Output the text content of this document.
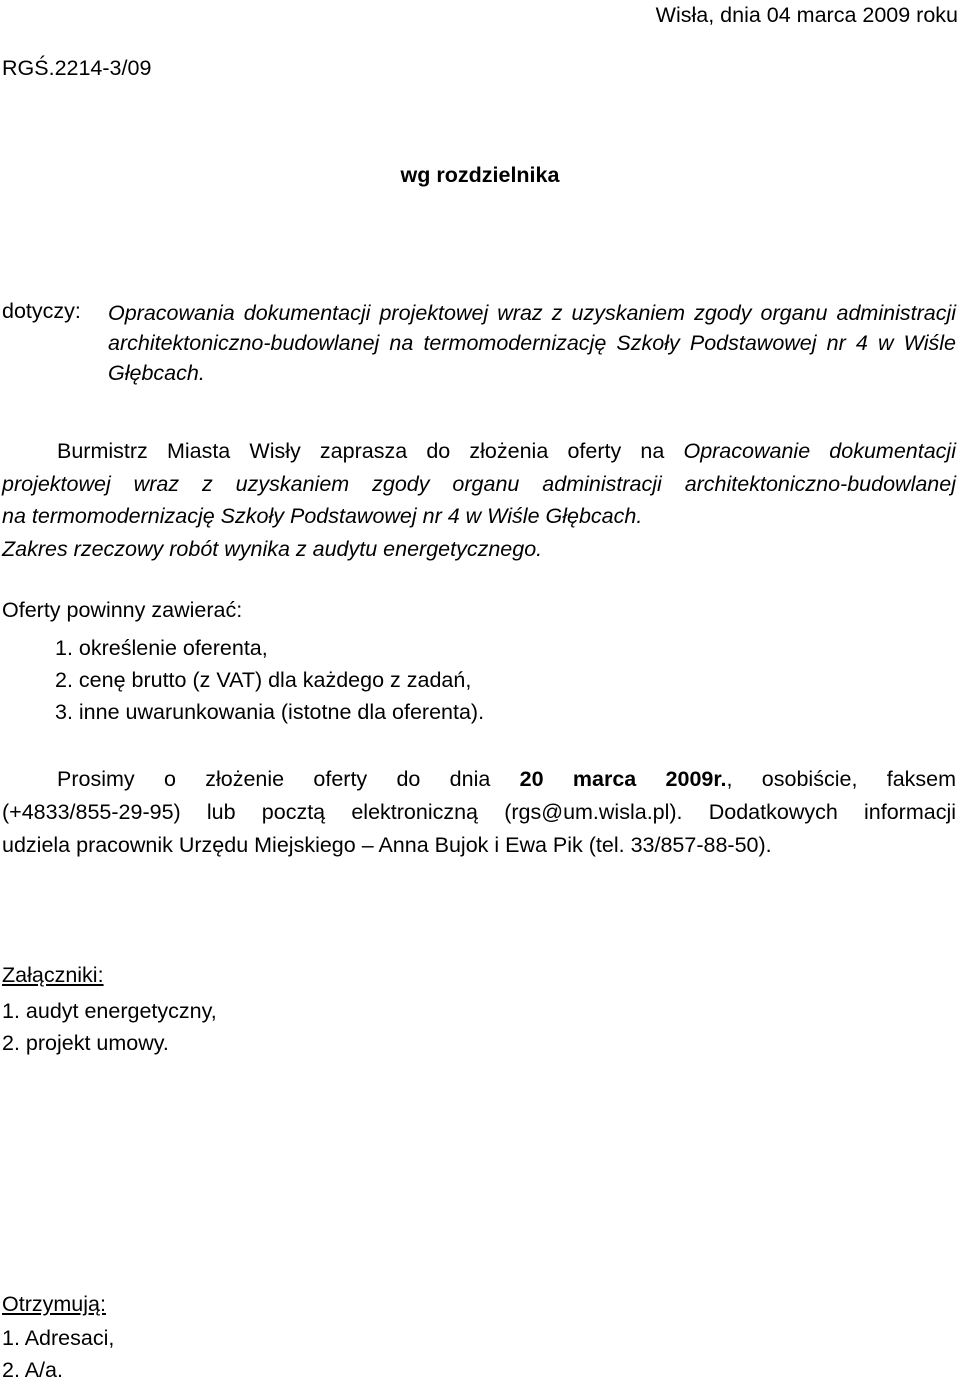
Wisła, dnia 04 marca 2009 roku
RGŚ.2214-3/09
wg rozdzielnika
dotyczy: Opracowania dokumentacji projektowej wraz z uzyskaniem zgody organu administracji architektoniczno-budowlanej na termomodernizację Szkoły Podstawowej nr 4 w Wiśle Głębcach.
Burmistrz Miasta Wisły zaprasza do złożenia oferty na Opracowanie dokumentacji
projektowej wraz z uzyskaniem zgody organu administracji architektoniczno-budowlanej
na termomodernizację Szkoły Podstawowej nr 4 w Wiśle Głębcach.
Zakres rzeczowy robót wynika z audytu energetycznego.
Oferty powinny zawierać:
1. określenie oferenta,
2. cenę brutto (z VAT) dla każdego z zadań,
3. inne uwarunkowania (istotne dla oferenta).
Prosimy o złożenie oferty do dnia 20 marca 2009r., osobiście, faksem
(+4833/855-29-95) lub pocztą elektroniczną (rgs@um.wisla.pl). Dodatkowych informacji
udziela pracownik Urzędu Miejskiego – Anna Bujok i Ewa Pik (tel. 33/857-88-50).
Załączniki:
1. audyt energetyczny,
2. projekt umowy.
Otrzymują:
1. Adresaci,
2. A/a.
